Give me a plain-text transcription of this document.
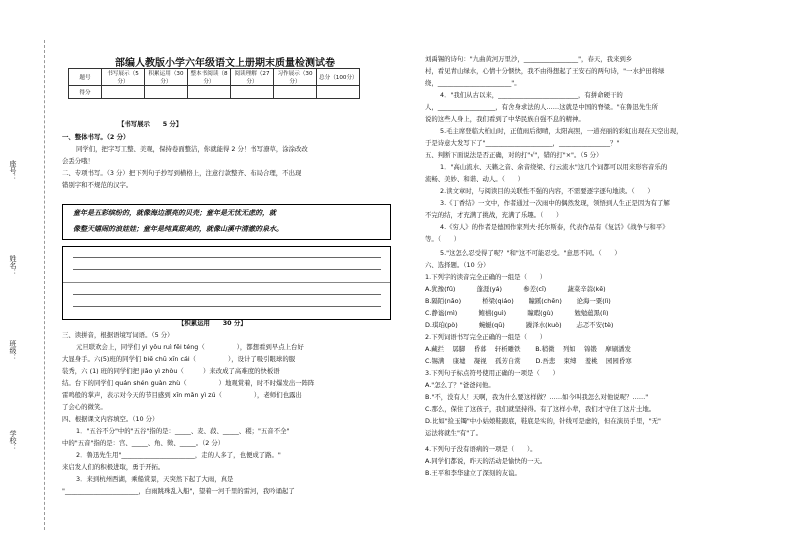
座号：
姓名：
班级：
学校：
部编人教版小学六年级语文上册期末质量检测试卷
题号	书写展示（5分）	积累运用（30分）	整本书阅读（8分）	阅读理解（27分）	习作展示（30分）	总分（100分）
得分						
【书写展示　　5 分】
一、整体书写。（2 分）
同学们，把字写工整、美观，保持卷面整洁，你就能得 2 分！书写潦草，涂涂改改
会丢分哦！
二、专项书写。（3 分）把下列句子抄写到横格上，注意行款整齐、布局合理，不出现
错别字和不规范的汉字。
【积累运用　　30 分】
三、读拼音，根据语境写词语。（5 分）
元旦联欢会上，同学们 yì yǒu ruì fēi téng（　　　　　），都想看到早点上台好
大显身手。六(5)班的同学们 biē chū xīn cái（　　　　　），设计了吸引眼球的服
装秀，六 (1) 班的同学们把 jiǎo yì zhòu（　　　）来改成了高难度的快板语
结。台下的同学们 quán shén guàn zhù（　　　　　）地观赏着，时不时爆发出一阵阵
雷鸣般的掌声，表示对今天的节目感到 xīn mǎn yì zú（　　　　　），老师们也露出
了会心的微笑。
四、根据课文内容填空。（10 分）
1．"五谷不分"中的"五谷"指的是：_____、麦、菽、_____、稷；"五音不全"
中的"五音"指的是：宫、_____、角、徵、_____。（2 分）
2．鲁迅先生用"_______________________，走的人多了，也便成了路。"
来启发人们的积极进取，勇于开拓。
3．来到杭州西湖，乘船赏景，天突然下起了大雨，真是
"_______________________，白雨跳珠乱入船"，望着一河千里的雷河，我吟诵起了
童年是五彩缤纷的，就像海边漂亮的贝壳；童年是无忧无虑的，就
像整天嬉闹的浪娃娃；童年是纯真甜美的，就像山溪中清澈的泉水。
刘禹锡的诗句："九曲黄河万里沙，_________________"，春天，我来到乡
村，看见青山绿水，心情十分惬快，我不由得想起了王安石的两句诗，"一水护田将绿
绕，_______________________"。
4．"我们从古以来，_________________________，有拼命硬干的
人，__________________，有舍身求法的人……这就是中国的脊梁。"在鲁迅先生所
说的这些人身上，我们看到了中华民族自强不息的精神。
5.毛主席登临大柏山时，正值雨后彻晴，太阳高照，一道亮丽的彩虹出现在天空出现，
于是诗意大发写下了"_____________________，________________？"
五、判断下面说法是否正确，对的打"√"，错的打"×"。（5 分）
1．"高山流水、天籁之音、余音绕梁、行云流水"这几个词都可以用来形容音乐的
流畅、美妙、和谐、动人。（　　）
2.读文章时，与阅读目的关联性不强的内容，不需要逐字逐句地读。（　　）
3.《丁香结》一文中，作者通过一次雨中的偶然发现，领悟到人生正是因为有了解
不完的结，才充满了挑战，充满了乐趣。（　　）
4.《穷人》的作者是德国作家列夫·托尔斯泰，代表作品有《复活》《战争与和平》
等。（　　）
5."这怎么忍受得了呢？"和"这不可能忍受。"意思不同。（　　）
六、选择题。（10 分）
1.下列字的读音完全正确的一组是（　　）
A.犹豫(fǔ)　　　 蓬涯(yá)　　　 参差(cī)　　　 蔬菜辛蒜(kē)
B.隔陌(nǎo)　　　 桥梁(qiáo)　　 瞳蹊(chēn)　　 论海一粟(lì)
C.静谧(mì)　　　 鲍禧(guì)　　　 瞳暇(gù)　　　 勉勉蕴黑(lì)
D.琪珀(pò)　　　 蜿蜒(qū)　　　 躁泽水(kuò)　　 忐忑不安(tè)
2.下列词语书写完全正确的一组是（　　）
A.藏拦　 孱脚　 昏暮　 轩析雕铁　　 B.稍微　 列如　 锦锻　 摩刷潘发
C.锡满　 康墟　 凝视　 孤芳自赏　　 D.吾悲　 束缚　 羞桃　 园园昏寒
3.下列句子标点符号使用正确的一项是（　　）
A."怎么了？"爸爸问他。
B."不，没有人！天啊，我为什么要这样做？……如今叫我怎么对他说呢？……"
C.那么，保住了这孩子，我们就坚持得。有了这样小辈，我们才守住了这片土地。
D.比如"捡玉镯"中小姑娘鞋跟底，鞋底是实的，针线可是虚的，但在演员手里，"无"
运法将就生"有"了。
4.下列句子没有语病的一项是（　　）。
A.同学们都说，昨天的活动是愉快的一天。
B.王平和李华建立了深刻的友谊。
